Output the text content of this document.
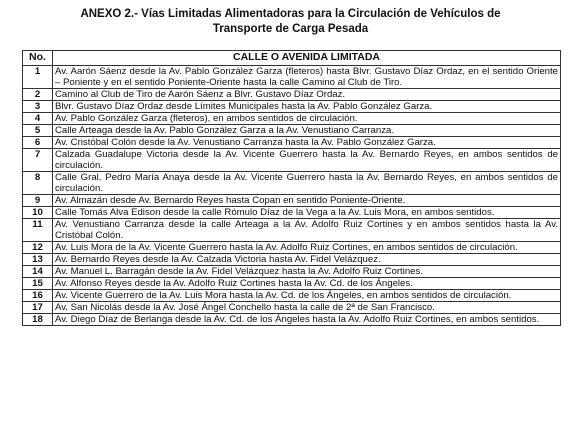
ANEXO 2.- Vías Limitadas Alimentadoras para la Circulación de Vehículos de
Transporte de Carga Pesada
No.	CALLE O AVENIDA LIMITADA
1	Av. Aarón Sáenz desde la Av. Pablo González Garza (fleteros) hasta Blvr. Gustavo Díaz Ordaz, en el sentido Oriente – Poniente y en el sentido Poniente-Oriente hasta la calle Camino al Club de Tiro.
2	Camino al Club de Tiro de Aarón Sáenz a Blvr. Gustavo Díaz Ordaz.
3	Blvr. Gustavo Díaz Ordaz desde Límites Municipales hasta la Av. Pablo González Garza.
4	Av. Pablo González Garza (fleteros), en ambos sentidos de circulación.
5	Calle Arteaga desde la Av. Pablo González Garza a la Av. Venustiano Carranza.
6	Av. Cristóbal Colón desde la Av. Venustiano Carranza hasta la Av. Pablo González Garza.
7	Calzada Guadalupe Victoria desde la Av. Vicente Guerrero hasta la Av. Bernardo Reyes, en ambos sentidos de circulación.
8	Calle Gral. Pedro María Anaya desde la Av. Vicente Guerrero hasta la Av. Bernardo Reyes, en ambos sentidos de circulación.
9	Av. Almazán desde Av. Bernardo Reyes hasta Copan en sentido Poniente-Oriente.
10	Calle Tomás Alva Edison desde la calle Rómulo Díaz de la Vega a la Av. Luis Mora, en ambos sentidos.
11	Av. Venustiano Carranza desde la calle Arteaga a la Av. Adolfo Ruiz Cortines y en ambos sentidos hasta la Av. Cristóbal Colón.
12	Av. Luis Mora de la Av. Vicente Guerrero hasta la Av. Adolfo Ruiz Cortines, en ambos sentidos de circulación.
13	Av. Bernardo Reyes desde la Av. Calzada Victoria hasta Av. Fidel Velázquez.
14	Av. Manuel L. Barragán desde la Av. Fidel Velázquez hasta la Av. Adolfo Ruiz Cortines.
15	Av. Alfonso Reyes desde la Av. Adolfo Ruiz Cortines hasta la Av. Cd. de los Ángeles.
16	Av. Vicente Guerrero de la Av. Luis Mora hasta la Av. Cd. de los Ángeles, en ambos sentidos de circulación.
17	Av. San Nicolás desde la Av. José Ángel Conchello hasta la calle de 2ª de San Francisco.
18	Av. Diego Díaz de Berlanga desde la Av. Cd. de los Ángeles hasta la Av. Adolfo Ruiz Cortines, en ambos sentidos.
